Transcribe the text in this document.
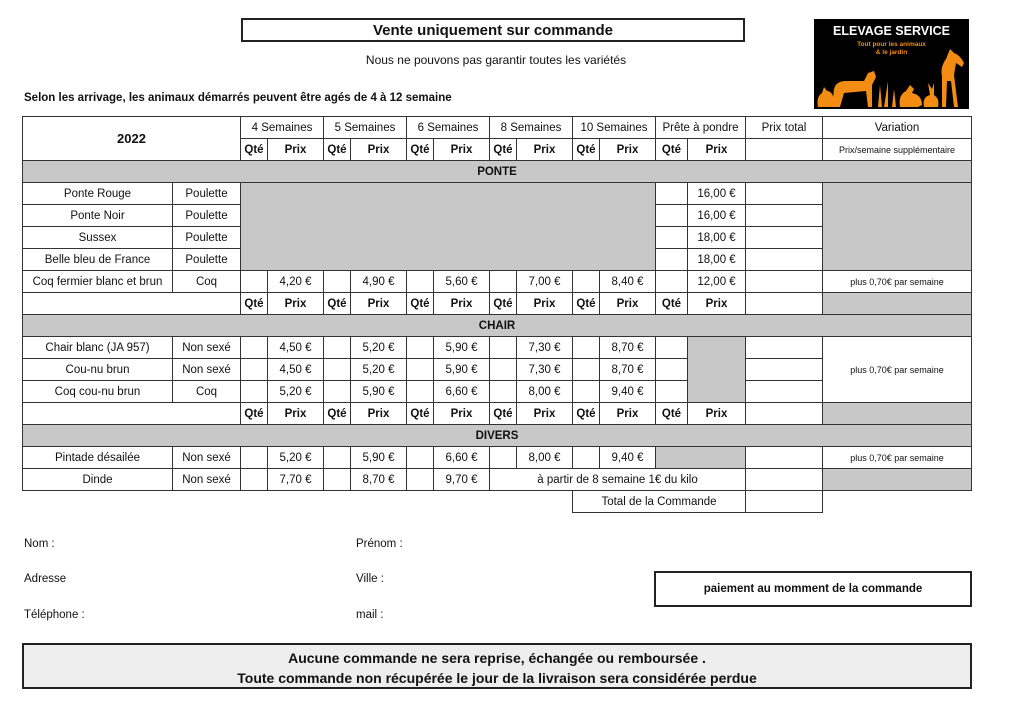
Vente uniquement sur commande
Nous ne pouvons pas garantir toutes les variétés
Selon les arrivage, les animaux démarrés peuvent être agés de 4 à 12 semaine
ELEVAGE SERVICE
Tout pour les animaux
& le jardin
2022		4 Semaines		5 Semaines		6 Semaines		8 Semaines		10 Semaines		Prête à pondre		Prix total	Variation
		Qté	Prix	Qté	Prix	Qté	Prix	Qté	Prix	Qté	Prix	Qté	Prix		Prix/semaine supplémentaire
PONTE															
Ponte Rouge	Poulette												16,00 €		
Ponte Noir	Poulette												16,00 €		
Sussex	Poulette												18,00 €		
Belle bleu de France	Poulette												18,00 €		
Coq fermier blanc et brun	Coq		4,20 €		4,90 €		5,60 €		7,00 €		8,40 €		12,00 €		plus 0,70€ par semaine
		Qté	Prix	Qté	Prix	Qté	Prix	Qté	Prix	Qté	Prix	Qté	Prix		
CHAIR															
Chair blanc (JA 957)	Non sexé		4,50 €		5,20 €		5,90 €		7,30 €		8,70 €				plus 0,70€ par semaine
Cou-nu brun	Non sexé		4,50 €		5,20 €		5,90 €		7,30 €		8,70 €				
Coq cou-nu brun	Coq		5,20 €		5,90 €		6,60 €		8,00 €		9,40 €				
		Qté	Prix	Qté	Prix	Qté	Prix	Qté	Prix	Qté	Prix	Qté	Prix		
DIVERS															
Pintade désailée	Non sexé		5,20 €		5,90 €		6,60 €		8,00 €		9,40 €				plus 0,70€ par semaine
Dinde	Non sexé		7,70 €		8,70 €		9,70 €	à partir de 8 semaine 1€ du kilo							
										Total de la Commande					
Nom :	Prénom :
Adresse	Ville :
Téléphone :	mail :
paiement au momment de la commande
Aucune commande ne sera reprise, échangée ou remboursée .
Toute commande non récupérée le jour de la livraison sera considérée perdue
